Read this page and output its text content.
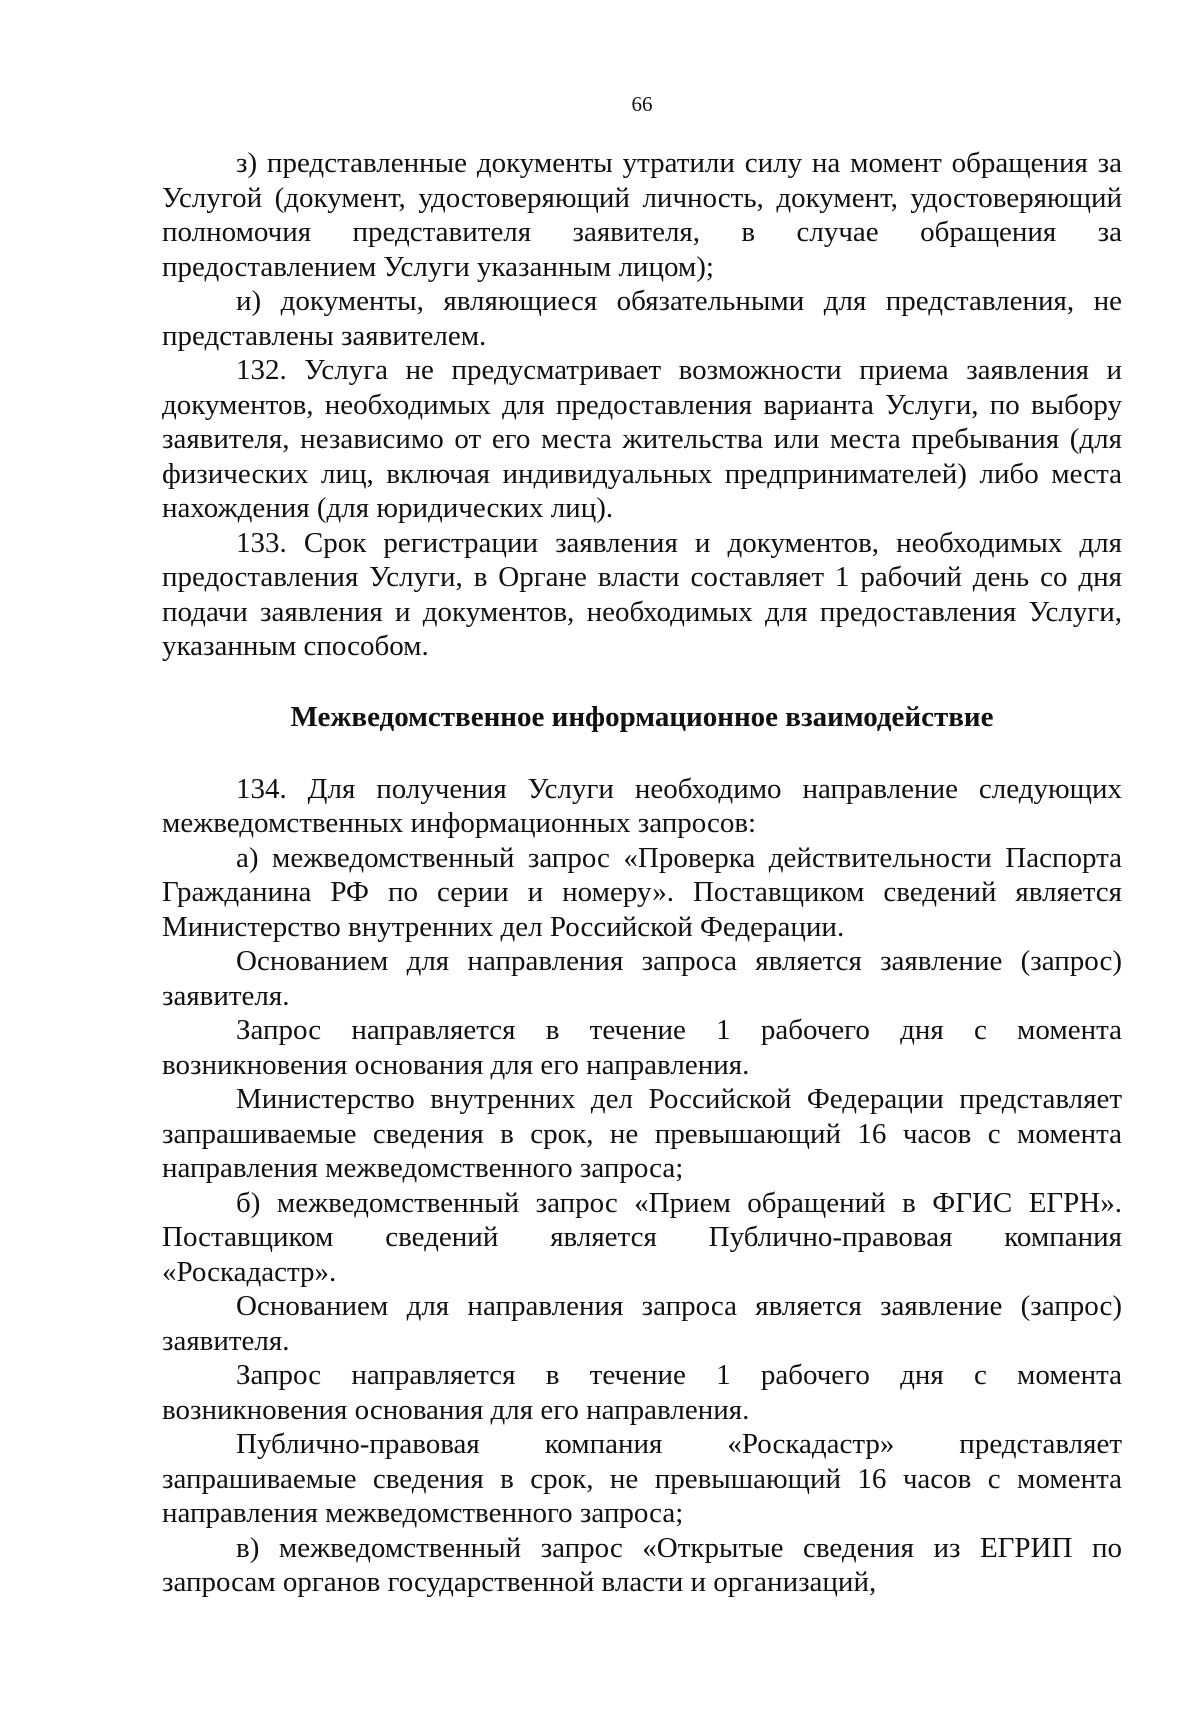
66

з) представленные документы утратили силу на момент обращения за Услугой (документ, удостоверяющий личность, документ, удостоверяющий полномочия представителя заявителя, в случае обращения за предоставлением Услуги указанным лицом);

и) документы, являющиеся обязательными для представления, не представлены заявителем.

132. Услуга не предусматривает возможности приема заявления и документов, необходимых для предоставления варианта Услуги, по выбору заявителя, независимо от его места жительства или места пребывания (для физических лиц, включая индивидуальных предпринимателей) либо места нахождения (для юридических лиц).

133. Срок регистрации заявления и документов, необходимых для предоставления Услуги, в Органе власти составляет 1 рабочий день со дня подачи заявления и документов, необходимых для предоставления Услуги, указанным способом.

Межведомственное информационное взаимодействие

134. Для получения Услуги необходимо направление следующих межведомственных информационных запросов:

а) межведомственный запрос «Проверка действительности Паспорта Гражданина РФ по серии и номеру». Поставщиком сведений является Министерство внутренних дел Российской Федерации.

Основанием для направления запроса является заявление (запрос) заявителя.

Запрос направляется в течение 1 рабочего дня с момента возникновения основания для его направления.

Министерство внутренних дел Российской Федерации представляет запрашиваемые сведения в срок, не превышающий 16 часов с момента направления межведомственного запроса;

б) межведомственный запрос «Прием обращений в ФГИС ЕГРН». Поставщиком сведений является Публично-правовая компания «Роскадастр».

Основанием для направления запроса является заявление (запрос) заявителя.

Запрос направляется в течение 1 рабочего дня с момента возникновения основания для его направления.

Публично-правовая компания «Роскадастр» представляет запрашиваемые сведения в срок, не превышающий 16 часов с момента направления межведомственного запроса;

в) межведомственный запрос «Открытые сведения из ЕГРИП по запросам органов государственной власти и организаций,
